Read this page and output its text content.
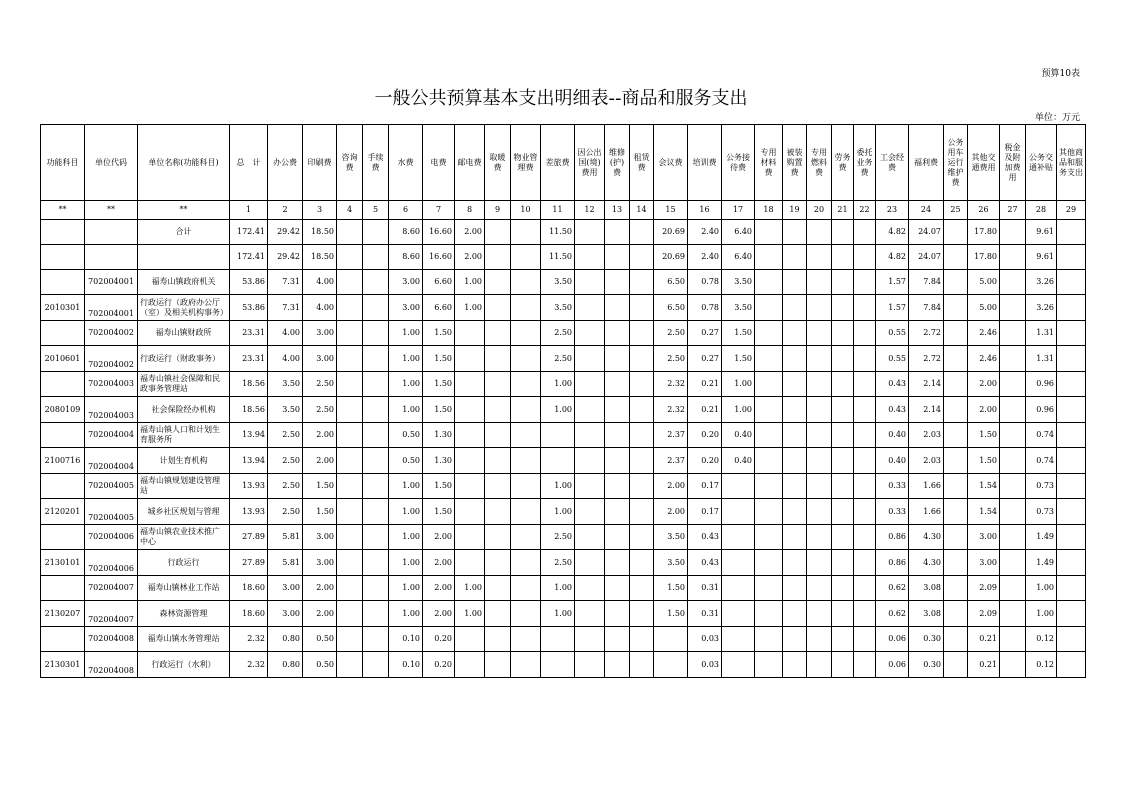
预算10表
一般公共预算基本支出明细表--商品和服务支出
单位：万元
功能科目	单位代码	单位名称(功能科目)	总　计	办公费	印刷费	咨询费	手续费	水费	电费	邮电费	取暖费	物业管理费	差旅费	因公出国(境)费用	维修(护)费	租赁费	会议费	培训费	公务接待费	专用材料费	被装购置费	专用燃料费	劳务费	委托业务费	工会经费	福利费	公务用车运行维护费	其他交通费用	税金及附加费用	公务交通补贴	其他商品和服务支出
**	**	**	1	2	3	4	5	6	7	8	9	10	11	12	13	14	15	16	17	18	19	20	21	22	23	24	25	26	27	28	29
		合计	172.41	29.42	18.50			8.60	16.60	2.00			11.50				20.69	2.40	6.40						4.82	24.07		17.80		9.61	
			172.41	29.42	18.50			8.60	16.60	2.00			11.50				20.69	2.40	6.40						4.82	24.07		17.80		9.61	
	702004001	福寿山镇政府机关	53.86	7.31	4.00			3.00	6.60	1.00			3.50				6.50	0.78	3.50						1.57	7.84		5.00		3.26	
2010301	702004001	行政运行（政府办公厅（室）及相关机构事务）	53.86	7.31	4.00			3.00	6.60	1.00			3.50				6.50	0.78	3.50						1.57	7.84		5.00		3.26	
	702004002	福寿山镇财政所	23.31	4.00	3.00			1.00	1.50				2.50				2.50	0.27	1.50						0.55	2.72		2.46		1.31	
2010601	702004002	行政运行（财政事务）	23.31	4.00	3.00			1.00	1.50				2.50				2.50	0.27	1.50						0.55	2.72		2.46		1.31	
	702004003	福寿山镇社会保障和民政事务管理站	18.56	3.50	2.50			1.00	1.50				1.00				2.32	0.21	1.00						0.43	2.14		2.00		0.96	
2080109	702004003	社会保险经办机构	18.56	3.50	2.50			1.00	1.50				1.00				2.32	0.21	1.00						0.43	2.14		2.00		0.96	
	702004004	福寿山镇人口和计划生育服务所	13.94	2.50	2.00			0.50	1.30								2.37	0.20	0.40						0.40	2.03		1.50		0.74	
2100716	702004004	计划生育机构	13.94	2.50	2.00			0.50	1.30								2.37	0.20	0.40						0.40	2.03		1.50		0.74	
	702004005	福寿山镇规划建设管理站	13.93	2.50	1.50			1.00	1.50				1.00				2.00	0.17							0.33	1.66		1.54		0.73	
2120201	702004005	城乡社区规划与管理	13.93	2.50	1.50			1.00	1.50				1.00				2.00	0.17							0.33	1.66		1.54		0.73	
	702004006	福寿山镇农业技术推广中心	27.89	5.81	3.00			1.00	2.00				2.50				3.50	0.43							0.86	4.30		3.00		1.49	
2130101	702004006	行政运行	27.89	5.81	3.00			1.00	2.00				2.50				3.50	0.43							0.86	4.30		3.00		1.49	
	702004007	福寿山镇林业工作站	18.60	3.00	2.00			1.00	2.00	1.00			1.00				1.50	0.31							0.62	3.08		2.09		1.00	
2130207	702004007	森林资源管理	18.60	3.00	2.00			1.00	2.00	1.00			1.00				1.50	0.31							0.62	3.08		2.09		1.00	
	702004008	福寿山镇水务管理站	2.32	0.80	0.50			0.10	0.20									0.03							0.06	0.30		0.21		0.12	
2130301	702004008	行政运行（水利）	2.32	0.80	0.50			0.10	0.20									0.03							0.06	0.30		0.21		0.12	
